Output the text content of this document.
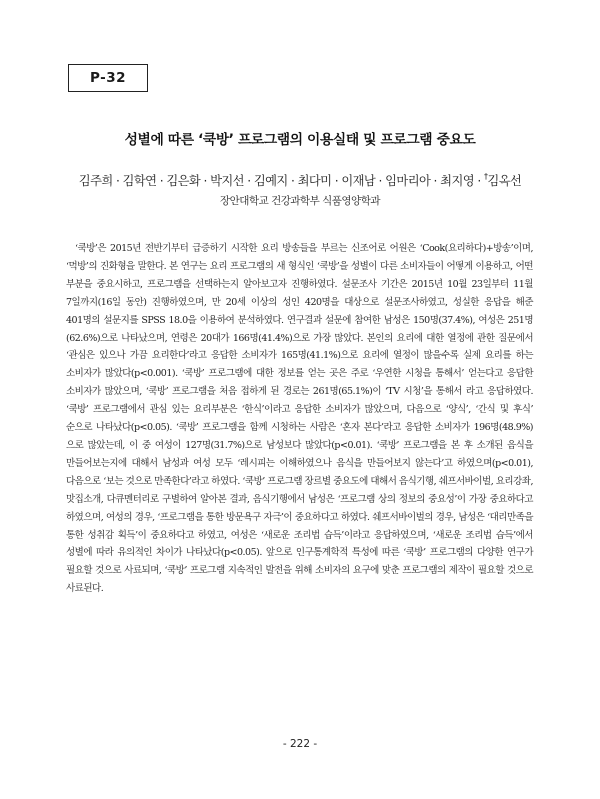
P-32
성별에 따른 ‘쿡방’ 프로그램의 이용실태 및 프로그램 중요도
김주희 · 김학연 · 김은화 · 박지선 · 김예지 · 최다미 · 이재남 · 임마리아 · 최지영 · †김옥선
장안대학교 건강과학부 식품영양학과

‘쿡방’은 2015년 전반기부터 급증하기 시작한 요리 방송들을 부르는 신조어로 어원은 ‘Cook(요리하다)+방송’이며, ‘먹방’의 진화형을 말한다. 본 연구는 요리 프로그램의 새 형식인 ‘쿡방’을 성별이 다른 소비자들이 어떻게 이용하고, 어떤 부분을 중요시하고, 프로그램을 선택하는지 알아보고자 진행하였다. 설문조사 기간은 2015년 10월 23일부터 11월 7일까지(16일 동안) 진행하였으며, 만 20세 이상의 성인 420명을 대상으로 설문조사하였고, 성실한 응답을 해준 401명의 설문지를 SPSS 18.0을 이용하여 분석하였다. 연구결과 설문에 참여한 남성은 150명(37.4%), 여성은 251명(62.6%)으로 나타났으며, 연령은 20대가 166명(41.4%)으로 가장 많았다. 본인의 요리에 대한 열정에 관한 질문에서 ‘관심은 있으나 가끔 요리한다’라고 응답한 소비자가 165명(41.1%)으로 요리에 열정이 많을수록 실제 요리를 하는 소비자가 많았다(p<0.001). ‘쿡방’ 프로그램에 대한 정보를 얻는 곳은 주로 ‘우연한 시청을 통해서’ 얻는다고 응답한 소비자가 많았으며, ‘쿡방’ 프로그램을 처음 접하게 된 경로는 261명(65.1%)이 ‘TV 시청’을 통해서 라고 응답하였다. ‘쿡방’ 프로그램에서 관심 있는 요리부분은 ‘한식’이라고 응답한 소비자가 많았으며, 다음으로 ‘양식’, ‘간식 및 후식’ 순으로 나타났다(p<0.05). ‘쿡방’ 프로그램을 함께 시청하는 사람은 ‘혼자 본다’라고 응답한 소비자가 196명(48.9%)으로 많았는데, 이 중 여성이 127명(31.7%)으로 남성보다 많았다(p<0.01). ‘쿡방’ 프로그램을 본 후 소개된 음식을 만들어보는지에 대해서 남성과 여성 모두 ‘레시피는 이해하였으나 음식을 만들어보지 않는다’고 하였으며(p<0.01), 다음으로 ‘보는 것으로 만족한다’라고 하였다. ‘쿡방’ 프로그램 장르별 중요도에 대해서 음식기행, 쉐프서바이벌, 요리강좌, 맛집소개, 다큐멘터리로 구별하여 알아본 결과, 음식기행에서 남성은 ‘프로그램 상의 정보의 중요성’이 가장 중요하다고 하였으며, 여성의 경우, ‘프로그램을 통한 방문욕구 자극’이 중요하다고 하였다. 쉐프서바이벌의 경우, 남성은 ‘대리만족을 통한 성취감 획득’이 중요하다고 하였고, 여성은 ‘새로운 조리법 습득’이라고 응답하였으며, ‘새로운 조리법 습득’에서 성별에 따라 유의적인 차이가 나타났다(p<0.05). 앞으로 인구통계학적 특성에 따른 ‘쿡방’ 프로그램의 다양한 연구가 필요할 것으로 사료되며, ‘쿡방’ 프로그램 지속적인 발전을 위해 소비자의 요구에 맞춘 프로그램의 제작이 필요할 것으로 사료된다.

- 222 -
